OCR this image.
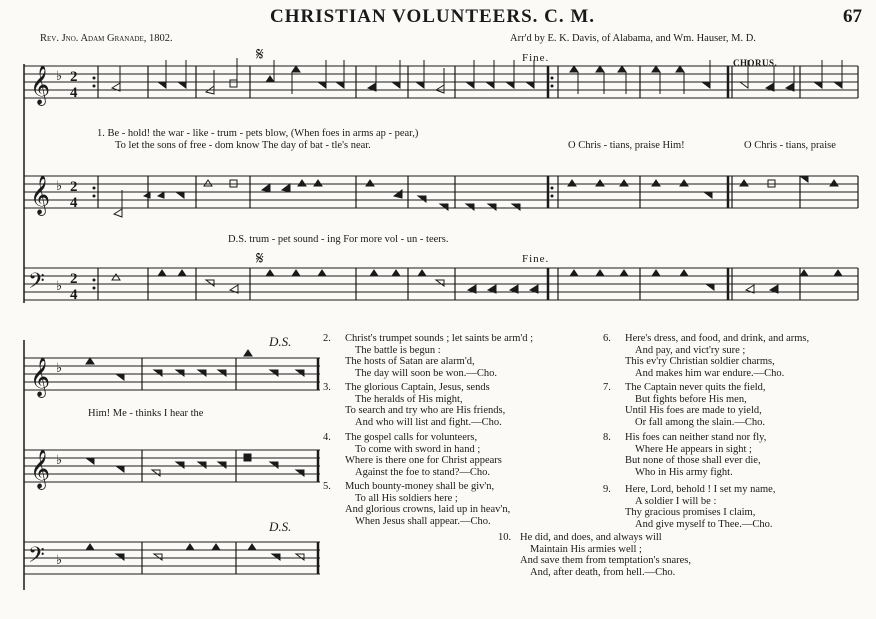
CHRISTIAN VOLUNTEERS. C. M.	67
Rev. Jno. Adam Granade, 1802.	Arr'd by E. K. Davis, of Alabama, and Wm. Hauser, M. D.
𝄞
𝄞
𝄢
𝄞
𝄞
𝄢
♭
♭
♭
♭
♭
♭
2
4
2
4
2
4
𝄋
𝄋
Fine.
Fine.
CHORUS.
D.S.
D.S.
1. Be - hold! the war - like - trum - pets blow, (When foes in arms ap - pear,)
To let the sons of free - dom know The day of bat - tle's near.	O Chris - tians, praise Him!	O Chris - tians, praise
D.S. trum - pet sound - ing For more vol - un - teers.
Him! Me - thinks I hear the
2. Christ's trumpet sounds ; let saints be arm'd ;
The battle is begun :
The hosts of Satan are alarm'd,
The day will soon be won.—Cho.
3. The glorious Captain, Jesus, sends
The heralds of His might,
To search and try who are His friends,
And who will list and fight.—Cho.
4. The gospel calls for volunteers,
To come with sword in hand ;
Where is there one for Christ appears
Against the foe to stand?—Cho.
5. Much bounty-money shall be giv'n,
To all His soldiers here ;
And glorious crowns, laid up in heav'n,
When Jesus shall appear.—Cho.
6. Here's dress, and food, and drink, and arms,
And pay, and vict'ry sure ;
This ev'ry Christian soldier charms,
And makes him war endure.—Cho.
7. The Captain never quits the field,
But fights before His men,
Until His foes are made to yield,
Or fall among the slain.—Cho.
8. His foes can neither stand nor fly,
Where He appears in sight ;
But none of those shall ever die,
Who in His army fight.
9. Here, Lord, behold ! I set my name,
A soldier I will be :
Thy gracious promises I claim,
And give myself to Thee.—Cho.
10. He did, and does, and always will
Maintain His armies well ;
And save them from temptation's snares,
And, after death, from hell.—Cho.
